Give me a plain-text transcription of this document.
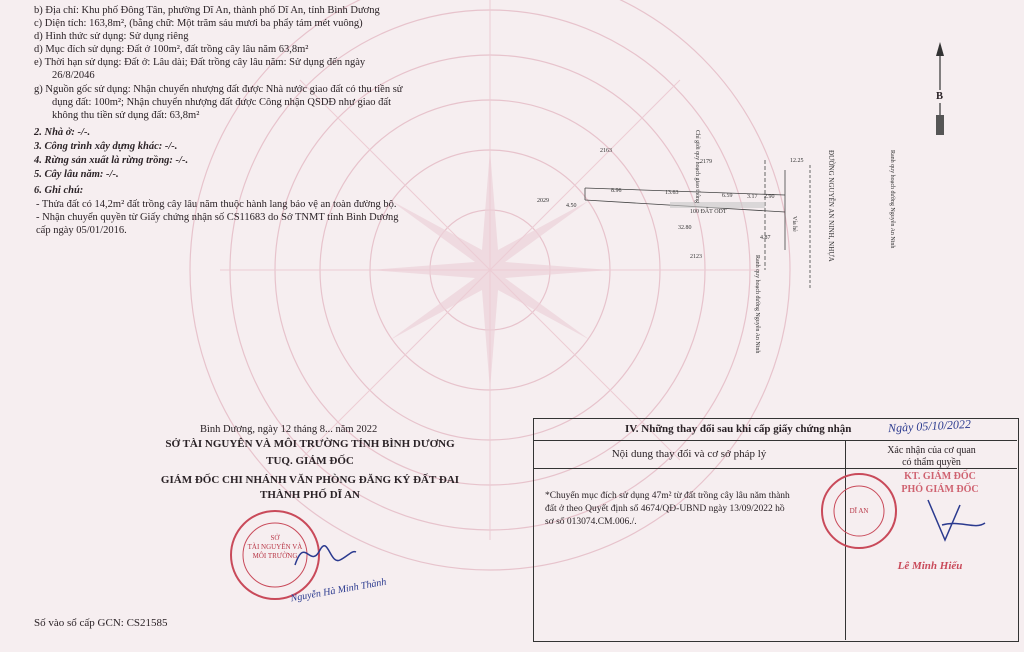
b) Địa chỉ: Khu phố Đông Tân, phường Dĩ An, thành phố Dĩ An, tỉnh Bình Dương
c) Diện tích: 163,8m², (bằng chữ: Một trăm sáu mươi ba phẩy tám mét vuông)
d) Hình thức sử dụng: Sử dụng riêng
d) Mục đích sử dụng: Đất ở 100m², đất trồng cây lâu năm 63,8m²
e) Thời hạn sử dụng: Đất ở: Lâu dài; Đất trồng cây lâu năm: Sử dụng đến ngày
26/8/2046
g) Nguồn gốc sử dụng: Nhận chuyển nhượng đất được Nhà nước giao đất có thu tiền sử
dụng đất: 100m²; Nhận chuyển nhượng đất được Công nhận QSDĐ như giao đất
không thu tiền sử dụng đất: 63,8m²
2. Nhà ở: -/-.
3. Công trình xây dựng khác: -/-.
4. Rừng sản xuất là rừng trồng: -/-.
5. Cây lâu năm: -/-.
6. Ghi chú:
- Thửa đất có 14,2m² đất trồng cây lâu năm thuộc hành lang bảo vệ an toàn đường bộ.
- Nhận chuyển quyền từ Giấy chứng nhận số CS11683 do Sở TNMT tỉnh Bình Dương
cấp ngày 05/01/2016.
2163
2179
2029
2123
8.96	13.63	6.59 3.17 2.90
32.80
4.50
12.25
4.87
100 ĐẤT ODT
Chỉ giới quy hoạch giao thông	ĐƯỜNG NGUYỄN AN NINH, NHỰA
Ranh quy hoạch đường Nguyễn An Ninh
Ranh quy hoạch đường Nguyễn An Ninh
Vỉa hè
B
Bình Dương, ngày 12 tháng 8... năm 2022
SỞ TÀI NGUYÊN VÀ MÔI TRƯỜNG TỈNH BÌNH DƯƠNG
TUQ. GIÁM ĐỐC
GIÁM ĐỐC CHI NHÁNH VĂN PHÒNG ĐĂNG KÝ ĐẤT ĐAI
THÀNH PHỐ DĨ AN
SỞ
TÀI NGUYÊN VÀ
MÔI TRƯỜNG
Nguyễn Hà Minh Thành
Số vào sổ cấp GCN: CS21585
IV. Những thay đổi sau khi cấp giấy chứng nhận	Ngày 05/10/2022
Nội dung thay đổi và cơ sở pháp lý	Xác nhận của cơ quan
có thẩm quyền
*Chuyển mục đích sử dụng 47m² từ đất trồng cây lâu năm thành
đất ở theo Quyết định số 4674/QĐ-UBND ngày 13/09/2022 hồ
sơ số 013074.CM.006./.
DĨ AN
KT. GIÁM ĐỐC
PHÓ GIÁM ĐỐC
Lê Minh Hiếu
